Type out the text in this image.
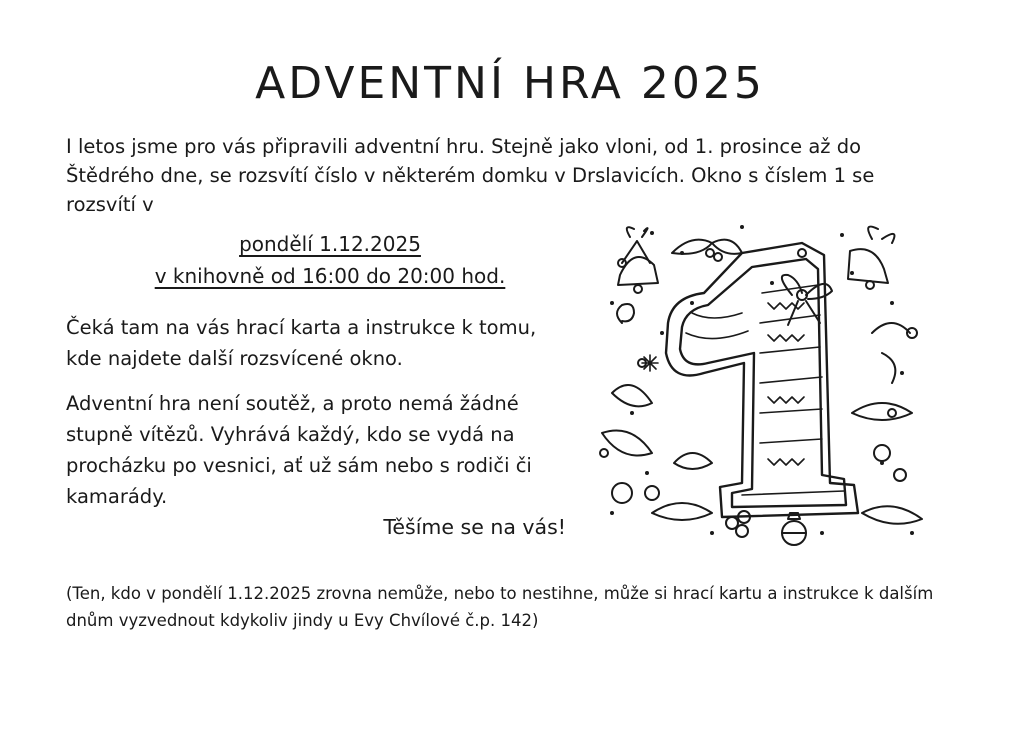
ADVENTNÍ HRA 2025
I letos jsme pro vás připravili adventní hru. Stejně jako vloni, od 1. prosince až do Štědrého dne, se rozsvítí číslo v některém domku v Drslavicích. Okno s číslem 1 se rozsvítí v
pondělí 1.12.2025
v knihovně od 16:00 do 20:00 hod.
Čeká tam na vás hrací karta a instrukce k tomu, kde najdete další rozsvícené okno.
Adventní hra není soutěž, a proto nemá žádné stupně vítězů. Vyhrává každý, kdo se vydá na procházku po vesnici, ať už sám nebo s rodiči či kamarády.
Těšíme se na vás!
(Ten, kdo v pondělí 1.12.2025 zrovna nemůže, nebo to nestihne, může si hrací kartu a instrukce k dalším dnům vyzvednout kdykoliv jindy u Evy Chvílové č.p. 142)
